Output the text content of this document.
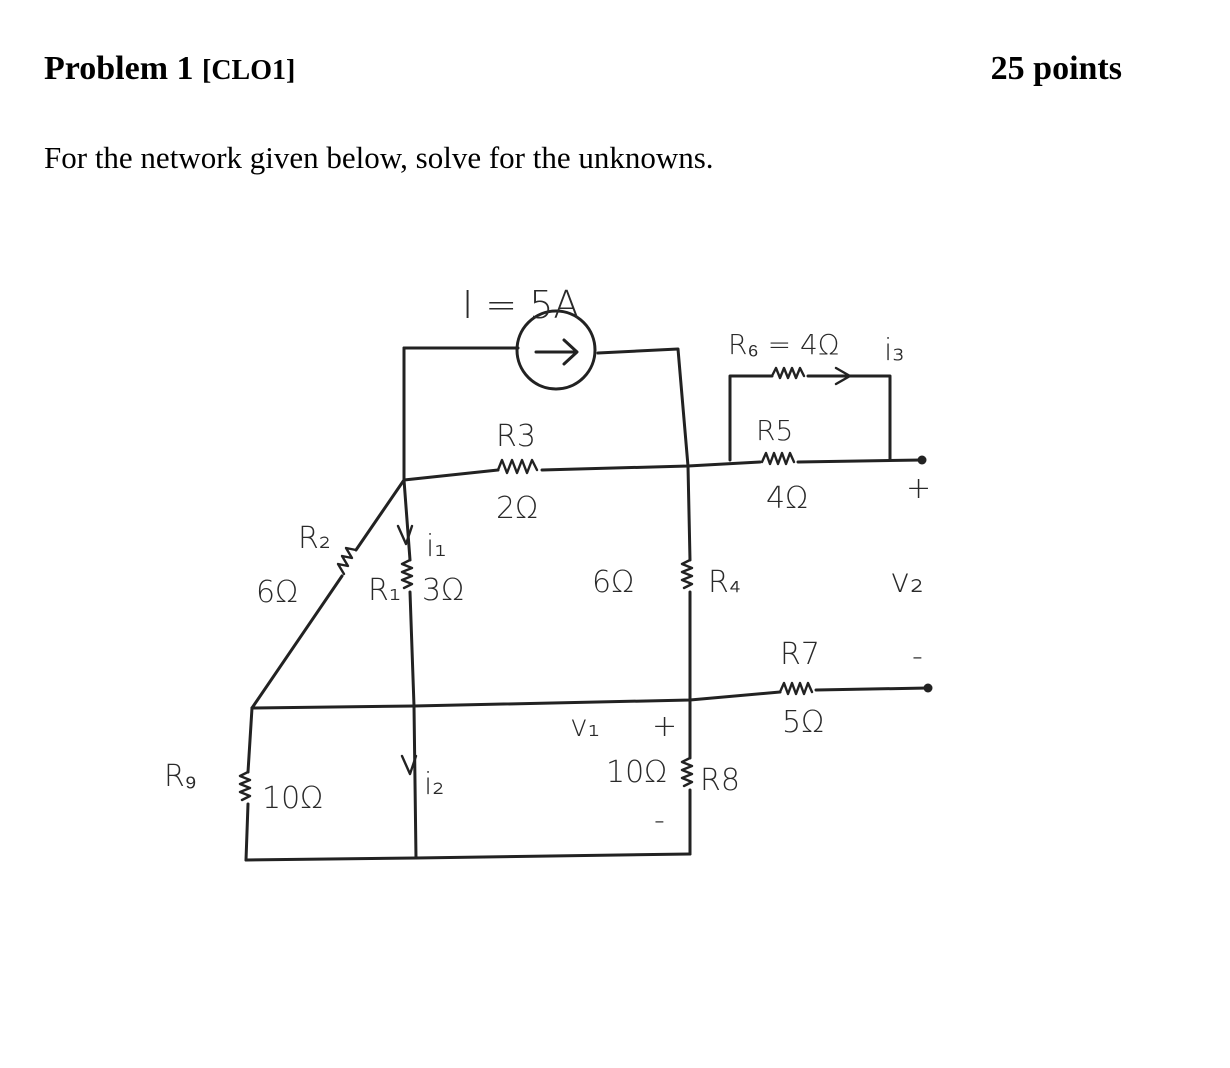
Problem 1 [CLO1]	25 points
For the network given below, solve for the unknowns.
I = 5A
R3
2Ω
R5
4Ω
R₆ = 4Ω i₃
R₂
6Ω
i₁
R₁ 3Ω	6Ω R₄
R7
5Ω
+
v₂
-
R₉
10Ω	i₂	10Ω R8
v₁ +
-
